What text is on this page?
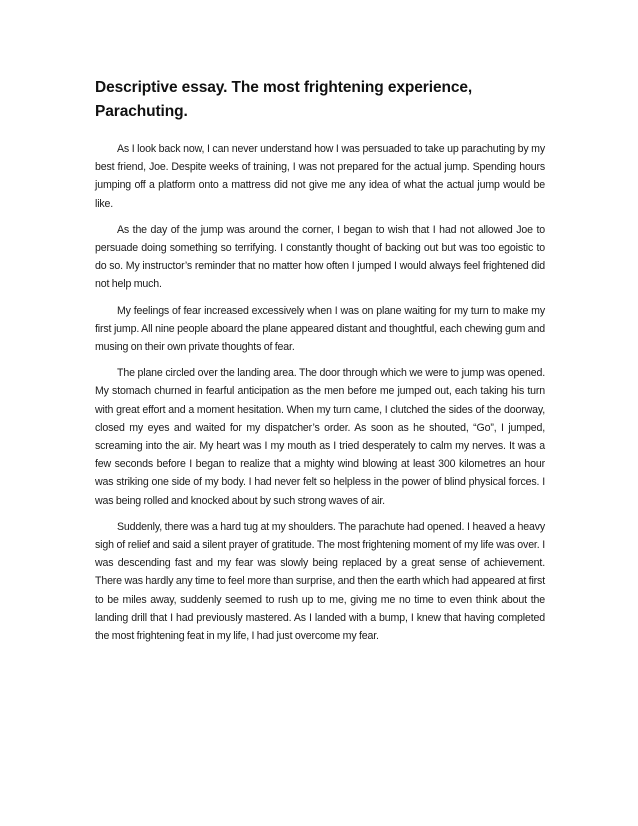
Descriptive essay. The most frightening experience, Parachuting.

As I look back now, I can never understand how I was persuaded to take up parachuting by my best friend, Joe. Despite weeks of training, I was not prepared for the actual jump. Spending hours jumping off a platform onto a mattress did not give me any idea of what the actual jump would be like.

As the day of the jump was around the corner, I began to wish that I had not allowed Joe to persuade doing something so terrifying. I constantly thought of backing out but was too egoistic to do so. My instructor’s reminder that no matter how often I jumped I would always feel frightened did not help much.

My feelings of fear increased excessively when I was on plane waiting for my turn to make my first jump. All nine people aboard the plane appeared distant and thoughtful, each chewing gum and musing on their own private thoughts of fear.

The plane circled over the landing area. The door through which we were to jump was opened. My stomach churned in fearful anticipation as the men before me jumped out, each taking his turn with great effort and a moment hesitation. When my turn came, I clutched the sides of the doorway, closed my eyes and waited for my dispatcher’s order. As soon as he shouted, “Go”, I jumped, screaming into the air. My heart was I my mouth as I tried desperately to calm my nerves. It was a few seconds before I began to realize that a mighty wind blowing at least 300 kilometres an hour was striking one side of my body. I had never felt so helpless in the power of blind physical forces. I was being rolled and knocked about by such strong waves of air.

Suddenly, there was a hard tug at my shoulders. The parachute had opened. I heaved a heavy sigh of relief and said a silent prayer of gratitude. The most frightening moment of my life was over. I was descending fast and my fear was slowly being replaced by a great sense of achievement. There was hardly any time to feel more than surprise, and then the earth which had appeared at first to be miles away, suddenly seemed to rush up to me, giving me no time to even think about the landing drill that I had previously mastered. As I landed with a bump, I knew that having completed the most frightening feat in my life, I had just overcome my fear.
